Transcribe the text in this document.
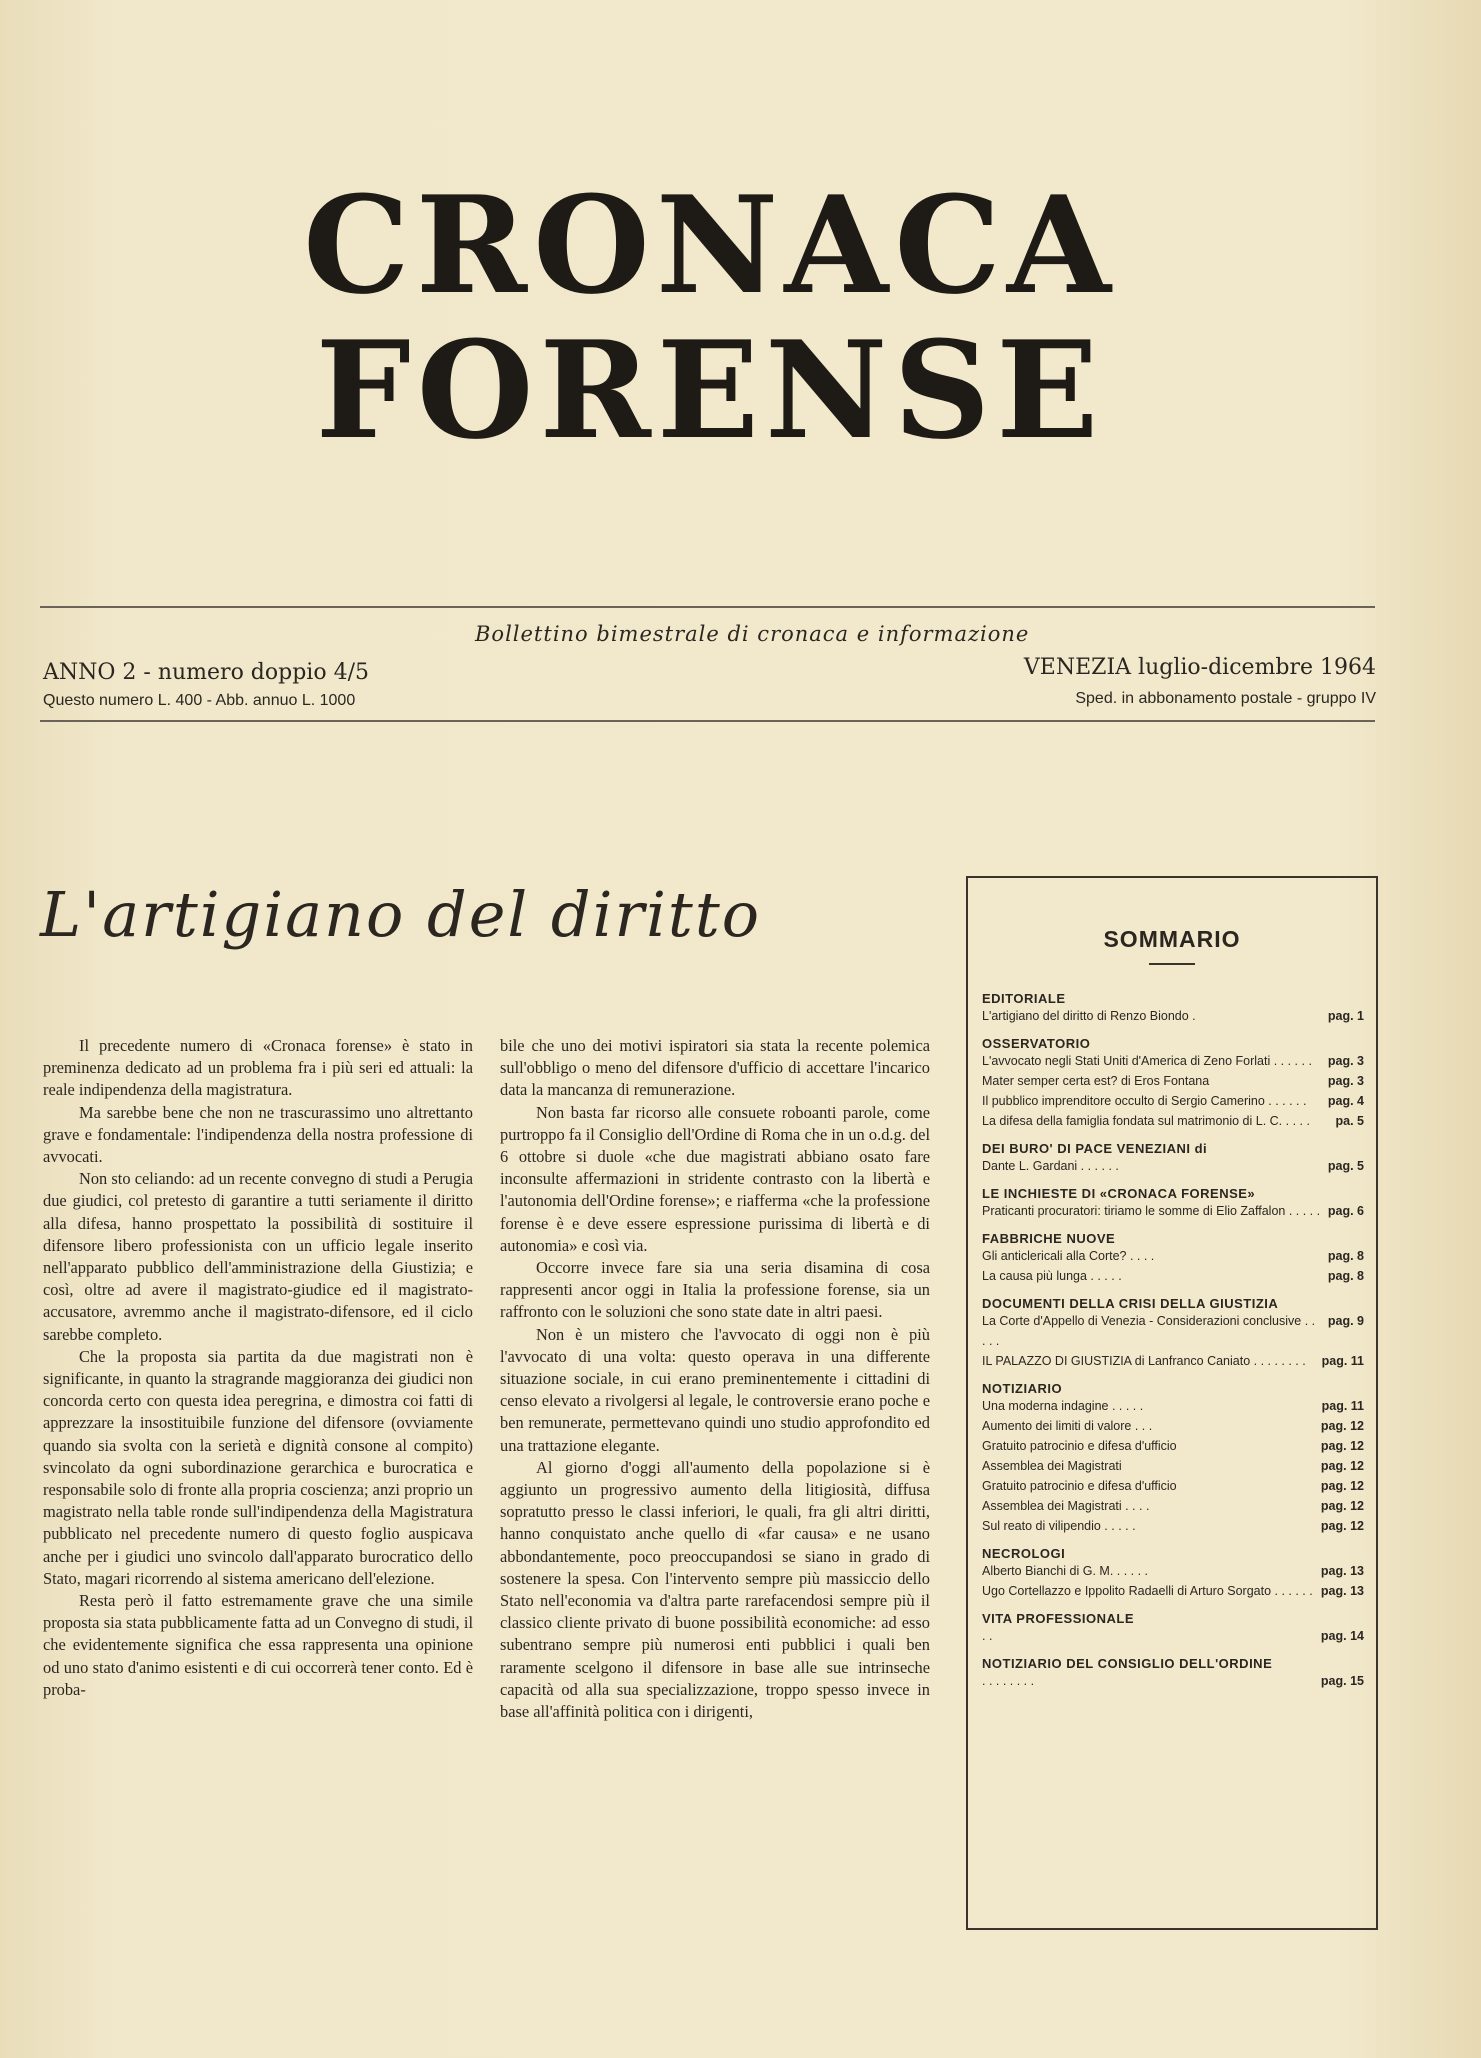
CRONACA
FORENSE
Bollettino bimestrale di cronaca e informazione
ANNO 2 - numero doppio 4/5
Questo numero L. 400 - Abb. annuo L. 1000
VENEZIA luglio-dicembre 1964
Sped. in abbonamento postale - gruppo IV
L'artigiano del diritto

Il precedente numero di «Cronaca forense» è stato in preminenza dedicato ad un problema fra i più seri ed attuali: la reale indipendenza della magistratura.

Ma sarebbe bene che non ne trascurassimo uno altrettanto grave e fondamentale: l'indipendenza della nostra professione di avvocati.

Non sto celiando: ad un recente convegno di studi a Perugia due giudici, col pretesto di garantire a tutti seriamente il diritto alla difesa, hanno prospettato la possibilità di sostituire il difensore libero professionista con un ufficio legale inserito nell'apparato pubblico dell'amministrazione della Giustizia; e così, oltre ad avere il magistrato-giudice ed il magistrato-accusatore, avremmo anche il magistrato-difensore, ed il ciclo sarebbe completo.

Che la proposta sia partita da due magistrati non è significante, in quanto la stragrande maggioranza dei giudici non concorda certo con questa idea peregrina, e dimostra coi fatti di apprezzare la insostituibile funzione del difensore (ovviamente quando sia svolta con la serietà e dignità consone al compito) svincolato da ogni subordinazione gerarchica e burocratica e responsabile solo di fronte alla propria coscienza; anzi proprio un magistrato nella table ronde sull'indipendenza della Magistratura pubblicato nel precedente numero di questo foglio auspicava anche per i giudici uno svincolo dall'apparato burocratico dello Stato, magari ricorrendo al sistema americano dell'elezione.

Resta però il fatto estremamente grave che una simile proposta sia stata pubblicamente fatta ad un Convegno di studi, il che evidentemente significa che essa rappresenta una opinione od uno stato d'animo esistenti e di cui occorrerà tener conto. Ed è proba-

bile che uno dei motivi ispiratori sia stata la recente polemica sull'obbligo o meno del difensore d'ufficio di accettare l'incarico data la mancanza di remunerazione.

Non basta far ricorso alle consuete roboanti parole, come purtroppo fa il Consiglio dell'Ordine di Roma che in un o.d.g. del 6 ottobre si duole «che due magistrati abbiano osato fare inconsulte affermazioni in stridente contrasto con la libertà e l'autonomia dell'Ordine forense»; e riafferma «che la professione forense è e deve essere espressione purissima di libertà e di autonomia» e così via.

Occorre invece fare sia una seria disamina di cosa rappresenti ancor oggi in Italia la professione forense, sia un raffronto con le soluzioni che sono state date in altri paesi.

Non è un mistero che l'avvocato di oggi non è più l'avvocato di una volta: questo operava in una differente situazione sociale, in cui erano preminentemente i cittadini di censo elevato a rivolgersi al legale, le controversie erano poche e ben remunerate, permettevano quindi uno studio approfondito ed una trattazione elegante.

Al giorno d'oggi all'aumento della popolazione si è aggiunto un progressivo aumento della litigiosità, diffusa sopratutto presso le classi inferiori, le quali, fra gli altri diritti, hanno conquistato anche quello di «far causa» e ne usano abbondantemente, poco preoccupandosi se siano in grado di sostenere la spesa. Con l'intervento sempre più massiccio dello Stato nell'economia va d'altra parte rarefacendosi sempre più il classico cliente privato di buone possibilità economiche: ad esso subentrano sempre più numerosi enti pubblici i quali ben raramente scelgono il difensore in base alle sue intrinseche capacità od alla sua specializzazione, troppo spesso invece in base all'affinità politica con i dirigenti,

SOMMARIO
EDITORIALE
L'artigiano del diritto di Renzo Biondo .	pag. 1
OSSERVATORIO
L'avvocato negli Stati Uniti d'America di Zeno Forlati . . . . . .	pag. 3
Mater semper certa est? di Eros Fontana	pag. 3
Il pubblico imprenditore occulto di Sergio Camerino . . . . . .	pag. 4
La difesa della famiglia fondata sul matrimonio di L. C. . . . .	pa. 5
DEI BURO' DI PACE VENEZIANI di
Dante L. Gardani . . . . . .	pag. 5
LE INCHIESTE DI «CRONACA FORENSE»
Praticanti procuratori: tiriamo le somme di Elio Zaffalon . . . . . pag. 6
FABBRICHE NUOVE
Gli anticlericali alla Corte? . . . .	pag. 8
La causa più lunga . . . . .	pag. 8
DOCUMENTI DELLA CRISI DELLA GIUSTIZIA
La Corte d'Appello di Venezia - Considerazioni conclusive . . . . .
pag. 9
IL PALAZZO DI GIUSTIZIA di Lanfranco Caniato . . . . . . . .	pag. 11
NOTIZIARIO
Una moderna indagine . . . . .	pag. 11
Aumento dei limiti di valore . . .	pag. 12
Gratuito patrocinio e difesa d'ufficio	pag. 12
Assemblea dei Magistrati	pag. 12
Gratuito patrocinio e difesa d'ufficio	pag. 12
Assemblea dei Magistrati . . . .	pag. 12
Sul reato di vilipendio . . . . .	pag. 12
NECROLOGI
Alberto Bianchi di G. M. . . . . .	pag. 13
Ugo Cortellazzo e Ippolito Radaelli di Arturo Sorgato . . . . . . pag. 13
VITA PROFESSIONALE
. .	pag. 14
NOTIZIARIO DEL CONSIGLIO DELL'ORDINE
. . . . . . . .	pag. 15
